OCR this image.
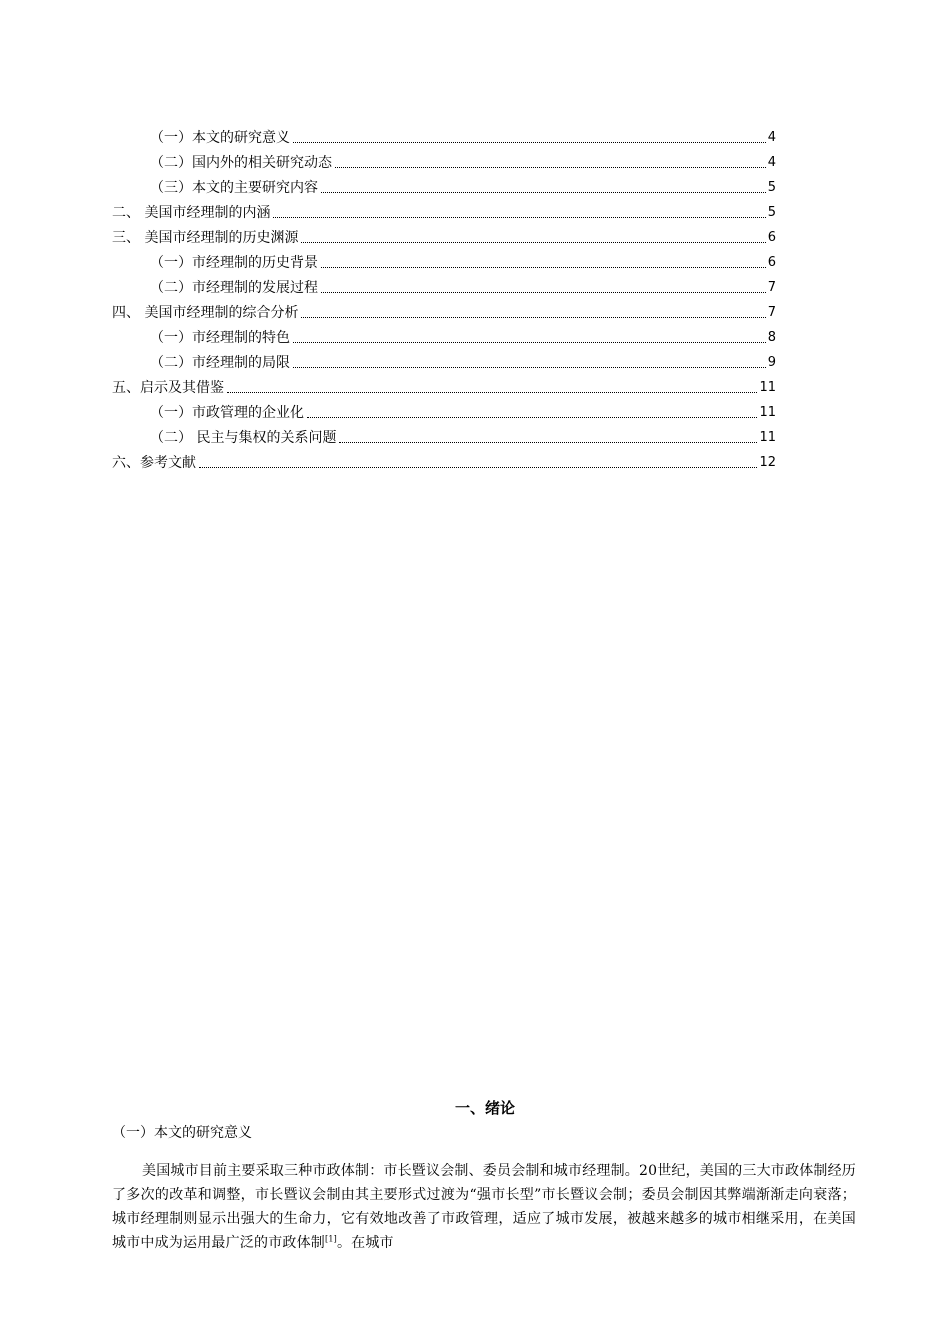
（一）本文的研究意义	4
（二）国内外的相关研究动态	4
（三）本文的主要研究内容	5
二、 美国市经理制的内涵	5
三、 美国市经理制的历史渊源	6
（一）市经理制的历史背景	6
（二）市经理制的发展过程	7
四、 美国市经理制的综合分析	7
（一）市经理制的特色	8
（二）市经理制的局限	9
五、启示及其借鉴	11
（一）市政管理的企业化	11
（二） 民主与集权的关系问题	11
六、参考文献	12
一、绪论
（一）本文的研究意义

美国城市目前主要采取三种市政体制：市长暨议会制、委员会制和城市经理制。20世纪，美国的三大市政体制经历了多次的改革和调整，市长暨议会制由其主要形式过渡为“强市长型”市长暨议会制；委员会制因其弊端渐渐走向衰落；城市经理制则显示出强大的生命力，它有效地改善了市政管理，适应了城市发展，被越来越多的城市相继采用，在美国城市中成为运用最广泛的市政体制[1]。在城市
